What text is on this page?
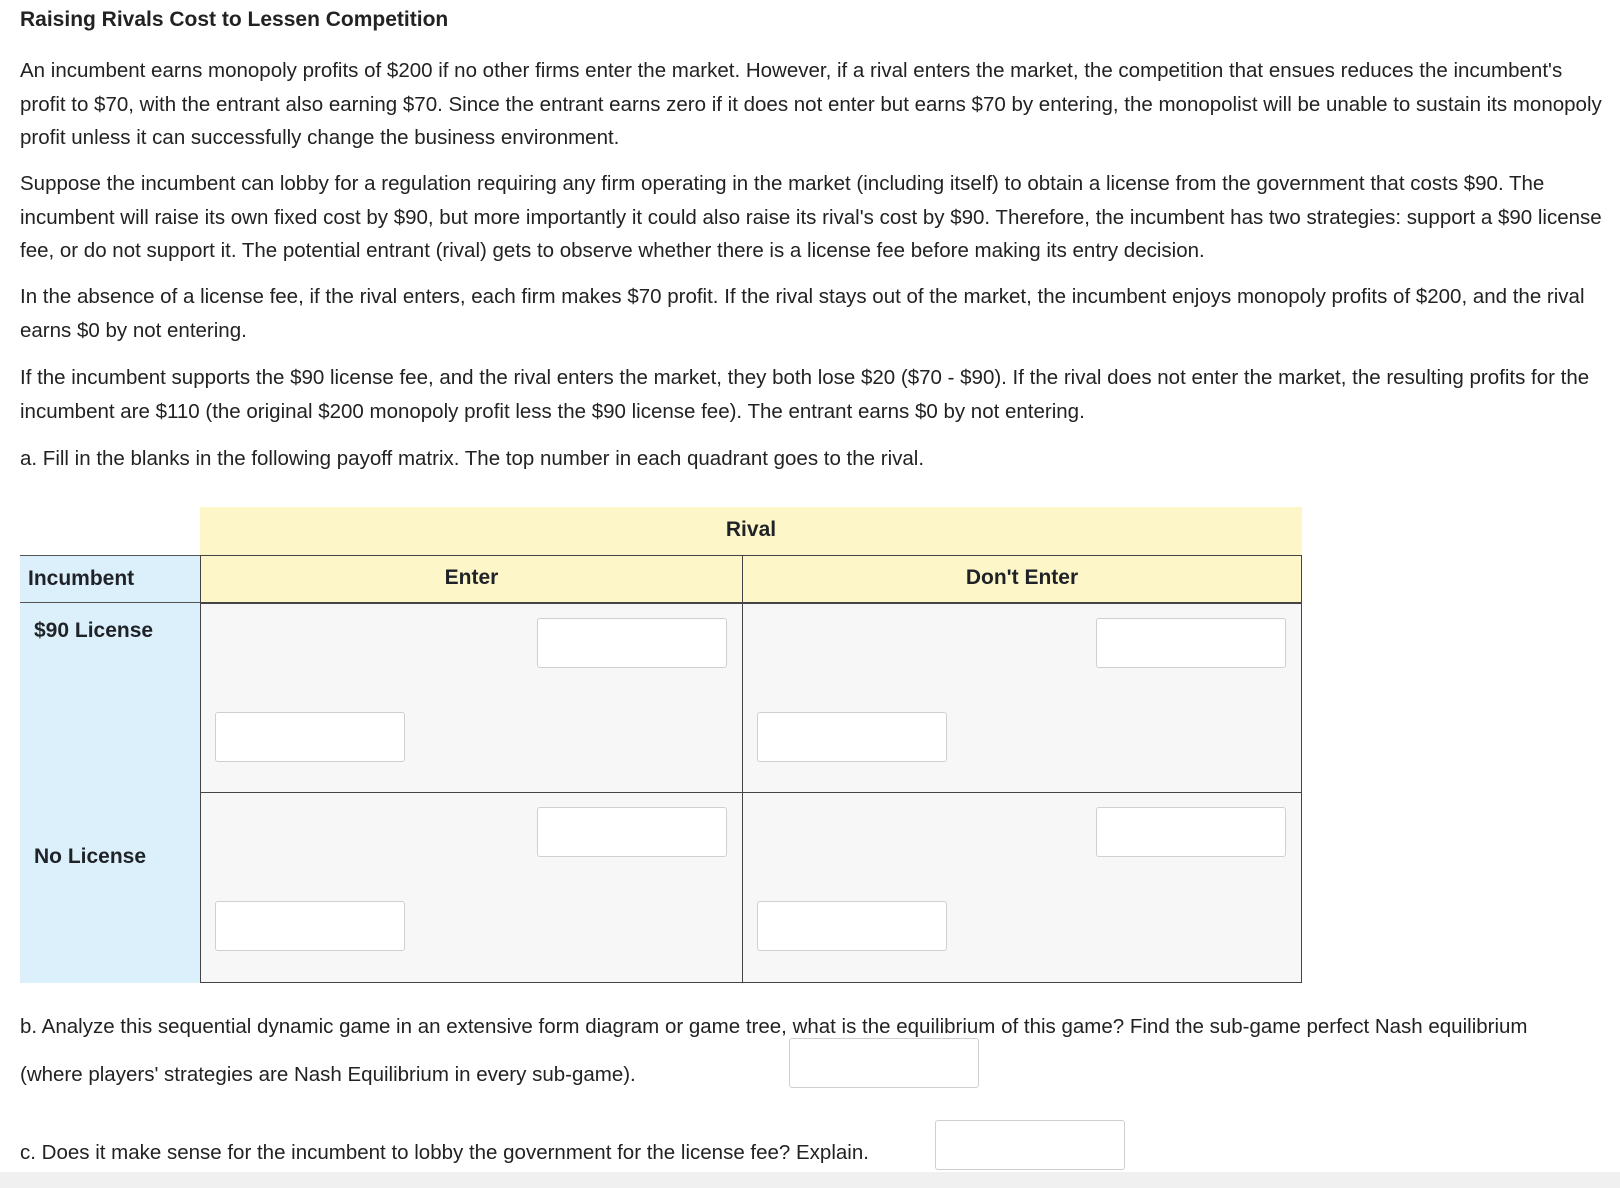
Raising Rivals Cost to Lessen Competition

An incumbent earns monopoly profits of $200 if no other firms enter the market. However, if a rival enters the market, the competition that ensues reduces the incumbent's profit to $70, with the entrant also earning $70. Since the entrant earns zero if it does not enter but earns $70 by entering, the monopolist will be unable to sustain its monopoly profit unless it can successfully change the business environment.

Suppose the incumbent can lobby for a regulation requiring any firm operating in the market (including itself) to obtain a license from the government that costs $90. The incumbent will raise its own fixed cost by $90, but more importantly it could also raise its rival's cost by $90. Therefore, the incumbent has two strategies: support a $90 license fee, or do not support it. The potential entrant (rival) gets to observe whether there is a license fee before making its entry decision.

In the absence of a license fee, if the rival enters, each firm makes $70 profit. If the rival stays out of the market, the incumbent enjoys monopoly profits of $200, and the rival earns $0 by not entering.

If the incumbent supports the $90 license fee, and the rival enters the market, they both lose $20 ($70 - $90). If the rival does not enter the market, the resulting profits for the incumbent are $110 (the original $200 monopoly profit less the $90 license fee). The entrant earns $0 by not entering.

a. Fill in the blanks in the following payoff matrix. The top number in each quadrant goes to the rival.

Rival
Incumbent	Enter	Don't Enter
$90 License
No License
b. Analyze this sequential dynamic game in an extensive form diagram or game tree, what is the equilibrium of this game? Find the sub-game perfect Nash equilibrium (where players' strategies are Nash Equilibrium in every sub-game).
c. Does it make sense for the incumbent to lobby the government for the license fee? Explain.
